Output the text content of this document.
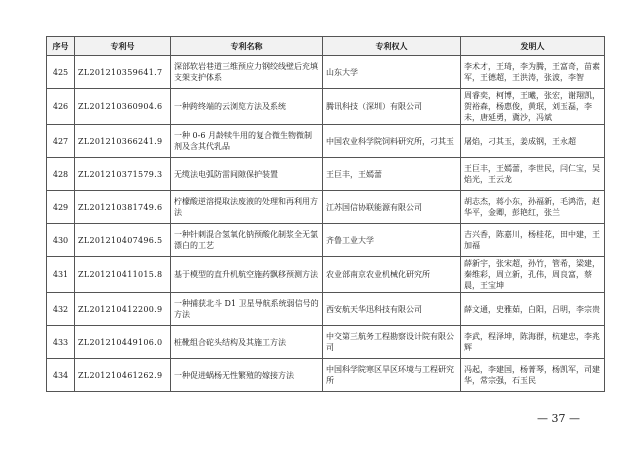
序号	专利号	专利名称	专利权人	发明人
425	ZL201210359641.7	深部软岩巷道三维预应力钢绞线壁后充填支架支护体系	山东大学	李术才，王琦，李为腾，王富奇，苗素军，王德超，王洪涛，张波，李智
426	ZL201210360904.6	一种跨终端的云浏览方法及系统	腾讯科技（深圳）有限公司	周睿奕，柯博，王曦，张宏，谢翔凯，贺裕森，杨惠俊，黄珉，刘玉磊，李未，唐延勇，冀沙，冯斌
427	ZL201210366241.9	一种 0-6 月龄犊牛用的复合微生物微制剂及含其代乳品	中国农业科学院饲料研究所，刁其玉	屠焰，刁其玉，姜成钢，王永超
428	ZL201210371579.3	无缆法电弧防雷间隙保护装置	王巨丰，王嫣蕾	王巨丰，王嫣蕾，李世民，闫仁宝，吴焰光，王云龙
429	ZL201210381749.6	柠檬酸逆溶提取法废液的处理和再利用方法	江苏国信协联能源有限公司	胡志杰，蒋小东，孙福新，毛鸿浩，赵华平，金卿，彭艳红，张兰
430	ZL201210407496.5	一种针刺混合氢氧化钠预酸化制浆全无氯漂白的工艺	齐鲁工业大学	吉兴香，陈嘉川，杨桂花，田中建，王加福
431	ZL201210411015.8	基于模型的直升机航空施药飘移预测方法	农业部南京农业机械化研究所	薛新宇，张宋超，孙竹，管希，梁建，秦维彩，周立新，孔伟，周良富，蔡晨，王宝坤
432	ZL201210412200.9	一种捕获北斗 D1 卫星导航系统弱信号的方法	西安航天华迅科技有限公司	薛文通，史雅茹，白阳，吕明，李宗贵
433	ZL201210449106.0	桩靴组合砣头结构及其施工方法	中交第三航务工程勘察设计院有限公司	李武，程泽坤，陈海群，杭建忠，李兆辉
434	ZL201210461262.9	一种促进蜗杨无性繁殖的嫁接方法	中国科学院寒区旱区环境与工程研究所	冯起，李建国，杨菁琴，杨凯军，司建华，常宗强，石玉民
— 37 —
